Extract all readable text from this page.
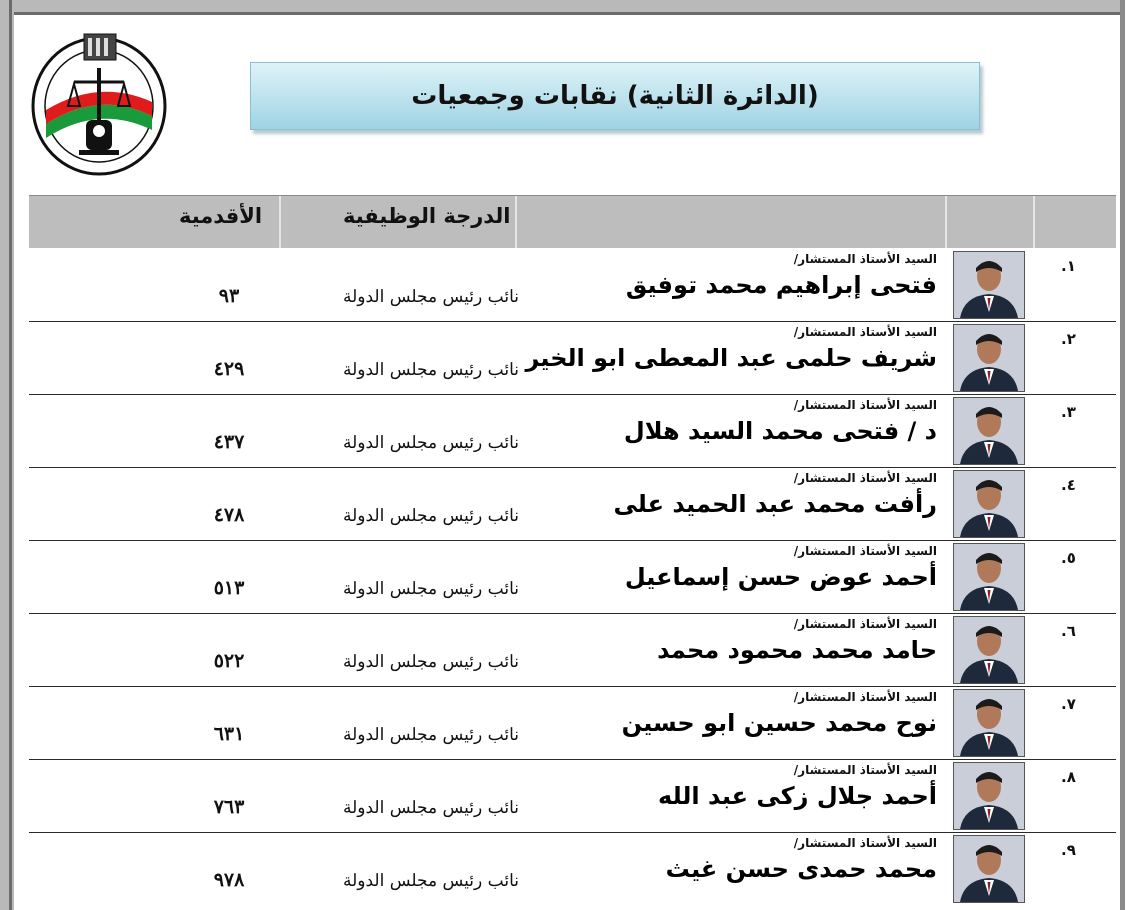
(الدائرة الثانية) نقابات وجمعيات
الأقدمية	الدرجة الوظيفية
.١
السيد الأستاذ المستشار/
فتحى إبراهيم محمد توفيق
نائب رئيس مجلس الدولة
٩٣
.٢
السيد الأستاذ المستشار/
شريف حلمى عبد المعطى ابو الخير
نائب رئيس مجلس الدولة
٤٢٩
.٣
السيد الأستاذ المستشار/
د / فتحى محمد السيد هلال
نائب رئيس مجلس الدولة
٤٣٧
.٤
السيد الأستاذ المستشار/
رأفت محمد عبد الحميد على
نائب رئيس مجلس الدولة
٤٧٨
.٥
السيد الأستاذ المستشار/
أحمد عوض حسن إسماعيل
نائب رئيس مجلس الدولة
٥١٣
.٦
السيد الأستاذ المستشار/
حامد محمد محمود محمد
نائب رئيس مجلس الدولة
٥٢٢
.٧
السيد الأستاذ المستشار/
نوح محمد حسين ابو حسين
نائب رئيس مجلس الدولة
٦٣١
.٨
السيد الأستاذ المستشار/
أحمد جلال زكى عبد الله
نائب رئيس مجلس الدولة
٧٦٣
.٩
السيد الأستاذ المستشار/
محمد حمدى حسن غيث
نائب رئيس مجلس الدولة
٩٧٨
